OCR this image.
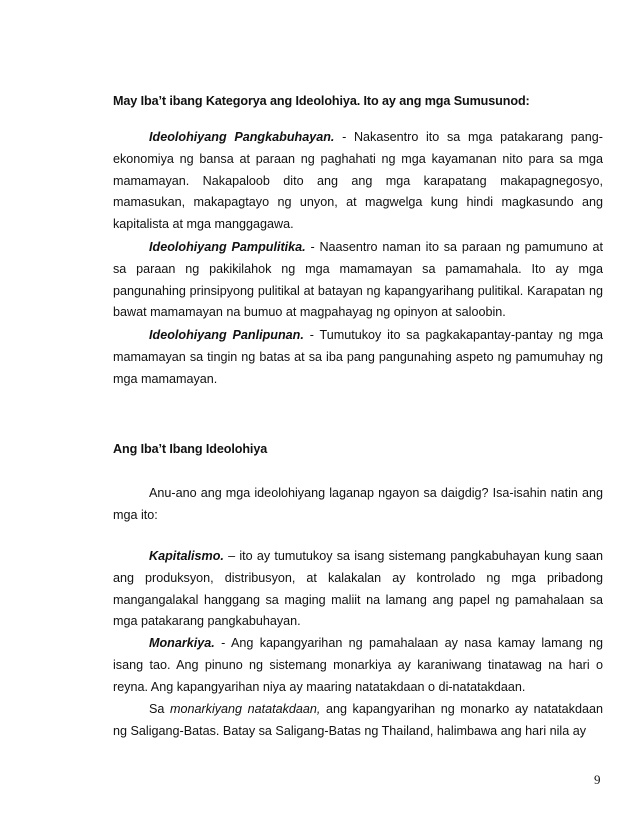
May Iba’t ibang Kategorya ang Ideolohiya. Ito ay ang mga Sumusunod:
Ideolohiyang Pangkabuhayan. - Nakasentro ito sa mga patakarang pang-ekonomiya ng bansa at paraan ng paghahati ng mga kayamanan nito para sa mga mamamayan. Nakapaloob dito ang ang mga karapatang makapagnegosyo, mamasukan, makapagtayo ng unyon, at magwelga kung hindi magkasundo ang kapitalista at mga manggagawa.
Ideolohiyang Pampulitika. - Naasentro naman ito sa paraan ng pamumuno at sa paraan ng pakikilahok ng mga mamamayan sa pamamahala. Ito ay mga pangunahing prinsipyong pulitikal at batayan ng kapangyarihang pulitikal. Karapatan ng bawat mamamayan na bumuo at magpahayag ng opinyon at saloobin.
Ideolohiyang Panlipunan. - Tumutukoy ito sa pagkakapantay-pantay ng mga mamamayan sa tingin ng batas at sa iba pang pangunahing aspeto ng pamumuhay ng mga mamamayan.
Ang Iba’t Ibang Ideolohiya
Anu-ano ang mga ideolohiyang laganap ngayon sa daigdig? Isa-isahin natin ang mga ito:
Kapitalismo. – ito ay tumutukoy sa isang sistemang pangkabuhayan kung saan ang produksyon, distribusyon, at kalakalan ay kontrolado ng mga pribadong mangangalakal hanggang sa maging maliit na lamang ang papel ng pamahalaan sa mga patakarang pangkabuhayan.
Monarkiya. - Ang kapangyarihan ng pamahalaan ay nasa kamay lamang ng isang tao. Ang pinuno ng sistemang monarkiya ay karaniwang tinatawag na hari o reyna. Ang kapangyarihan niya ay maaring natatakdaan o di-natatakdaan.
Sa monarkiyang natatakdaan, ang kapangyarihan ng monarko ay natatakdaan ng Saligang-Batas. Batay sa Saligang-Batas ng Thailand, halimbawa ang hari nila ay
9
